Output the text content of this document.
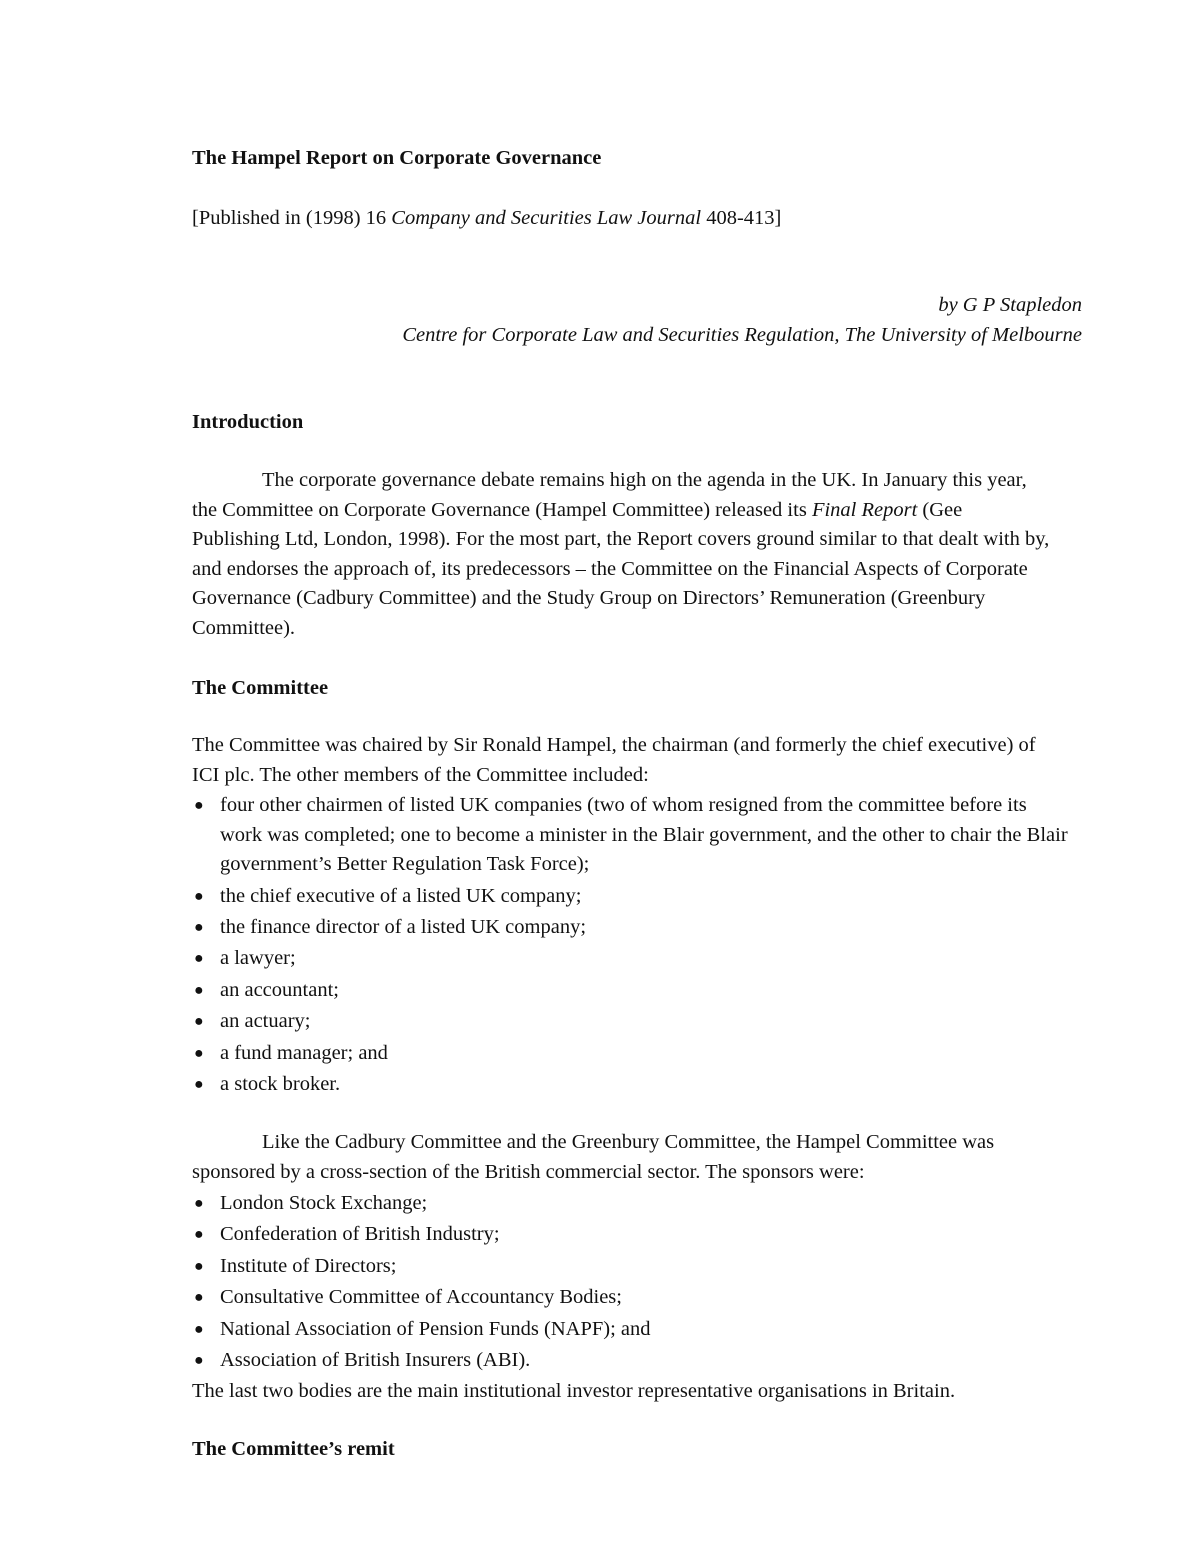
The Hampel Report on Corporate Governance
[Published in (1998) 16 Company and Securities Law Journal 408-413]
by G P Stapledon
Centre for Corporate Law and Securities Regulation, The University of Melbourne
Introduction

The corporate governance debate remains high on the agenda in the UK. In January this year, the Committee on Corporate Governance (Hampel Committee) released its Final Report (Gee Publishing Ltd, London, 1998). For the most part, the Report covers ground similar to that dealt with by, and endorses the approach of, its predecessors – the Committee on the Financial Aspects of Corporate Governance (Cadbury Committee) and the Study Group on Directors’ Remuneration (Greenbury Committee).

The Committee

The Committee was chaired by Sir Ronald Hampel, the chairman (and formerly the chief executive) of ICI plc. The other members of the Committee included:

● four other chairmen of listed UK companies (two of whom resigned from the committee before its work was completed; one to become a minister in the Blair government, and the other to chair the Blair government’s Better Regulation Task Force);
● the chief executive of a listed UK company;
● the finance director of a listed UK company;
● a lawyer;
● an accountant;
● an actuary;
● a fund manager; and
● a stock broker.

Like the Cadbury Committee and the Greenbury Committee, the Hampel Committee was sponsored by a cross-section of the British commercial sector. The sponsors were:

● London Stock Exchange;
● Confederation of British Industry;
● Institute of Directors;
● Consultative Committee of Accountancy Bodies;
● National Association of Pension Funds (NAPF); and
● Association of British Insurers (ABI).

The last two bodies are the main institutional investor representative organisations in Britain.

The Committee’s remit
